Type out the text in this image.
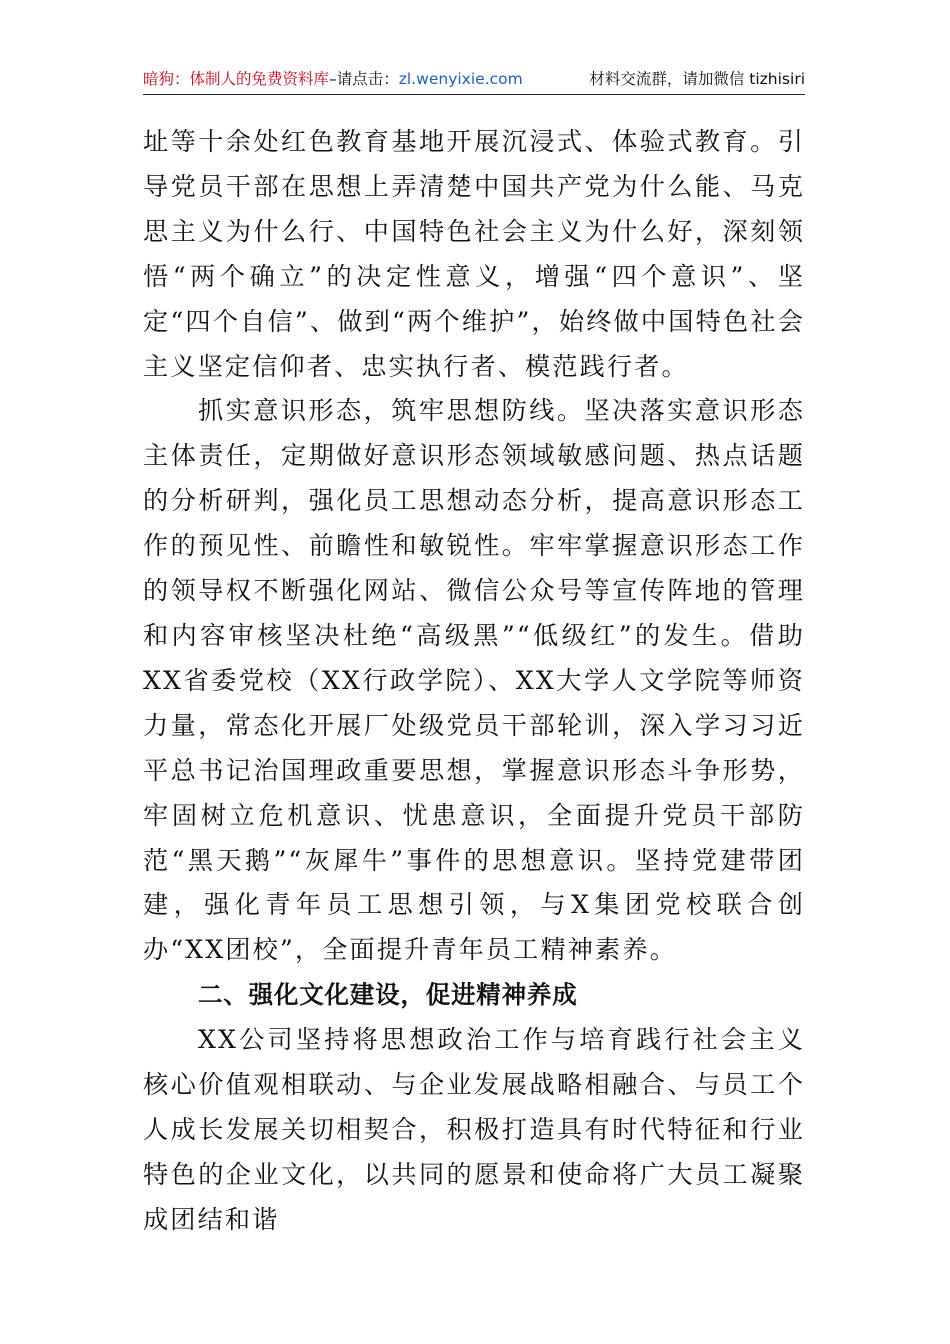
暗狗：体制人的免费资料库–请点击：zl.wenyixie.com	材料交流群，请加微信 tizhisiri

址等十余处红色教育基地开展沉浸式、体验式教育。引导党员干部在思想上弄清楚中国共产党为什么能、马克思主义为什么行、中国特色社会主义为什么好，深刻领悟“两个确立”的决定性意义，增强“四个意识”、坚定“四个自信”、做到“两个维护”，始终做中国特色社会主义坚定信仰者、忠实执行者、模范践行者。

抓实意识形态，筑牢思想防线。坚决落实意识形态主体责任，定期做好意识形态领域敏感问题、热点话题的分析研判，强化员工思想动态分析，提高意识形态工作的预见性、前瞻性和敏锐性。牢牢掌握意识形态工作的领导权不断强化网站、微信公众号等宣传阵地的管理和内容审核坚决杜绝“高级黑”“低级红”的发生。借助XX省委党校（XX行政学院）、XX大学人文学院等师资力量，常态化开展厂处级党员干部轮训，深入学习习近平总书记治国理政重要思想，掌握意识形态斗争形势，牢固树立危机意识、忧患意识，全面提升党员干部防范“黑天鹅”“灰犀牛”事件的思想意识。坚持党建带团建，强化青年员工思想引领，与X集团党校联合创办“XX团校”，全面提升青年员工精神素养。

二、强化文化建设，促进精神养成

XX公司坚持将思想政治工作与培育践行社会主义核心价值观相联动、与企业发展战略相融合、与员工个人成长发展关切相契合，积极打造具有时代特征和行业特色的企业文化，以共同的愿景和使命将广大员工凝聚成团结和谐
